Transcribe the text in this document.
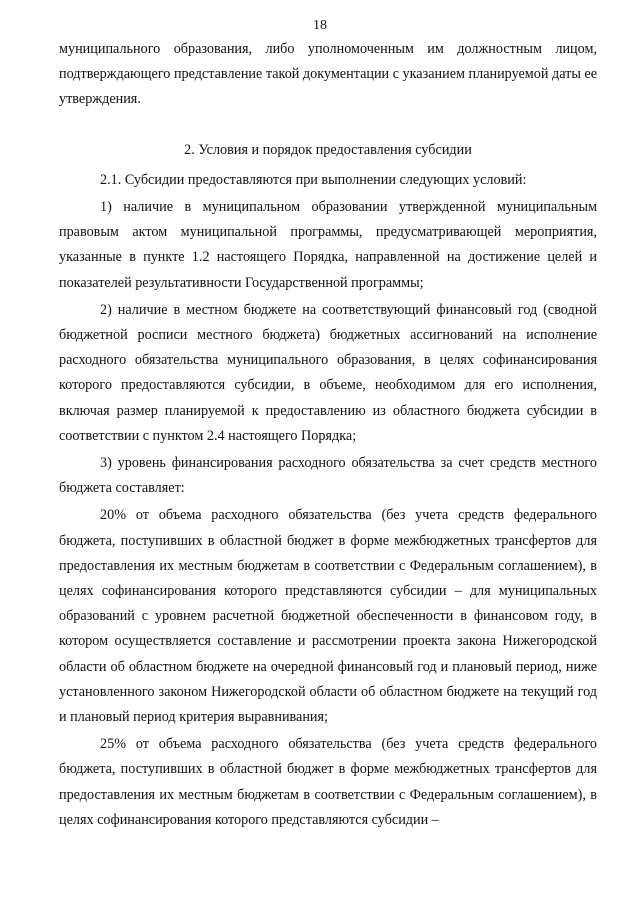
18

муниципального образования, либо уполномоченным им должностным лицом, подтверждающего представление такой документации с указанием планируемой даты ее утверждения.

2. Условия и порядок предоставления субсидии

2.1. Субсидии предоставляются при выполнении следующих условий:

1) наличие в муниципальном образовании утвержденной муниципальным правовым актом муниципальной программы, предусматривающей мероприятия, указанные в пункте 1.2 настоящего Порядка, направленной на достижение целей и показателей результативности Государственной программы;

2) наличие в местном бюджете на соответствующий финансовый год (сводной бюджетной росписи местного бюджета) бюджетных ассигнований на исполнение расходного обязательства муниципального образования, в целях софинансирования которого предоставляются субсидии, в объеме, необходимом для его исполнения, включая размер планируемой к предоставлению из областного бюджета субсидии в соответствии с пунктом 2.4 настоящего Порядка;

3) уровень финансирования расходного обязательства за счет средств местного бюджета составляет:

20% от объема расходного обязательства (без учета средств федерального бюджета, поступивших в областной бюджет в форме межбюджетных трансфертов для предоставления их местным бюджетам в соответствии с Федеральным соглашением), в целях софинансирования которого представляются субсидии – для муниципальных образований с уровнем расчетной бюджетной обеспеченности в финансовом году, в котором осуществляется составление и рассмотрении проекта закона Нижегородской области об областном бюджете на очередной финансовый год и плановый период, ниже установленного законом Нижегородской области об областном бюджете на текущий год и плановый период критерия выравнивания;

25% от объема расходного обязательства (без учета средств федерального бюджета, поступивших в областной бюджет в форме межбюджетных трансфертов для предоставления их местным бюджетам в соответствии с Федеральным соглашением), в целях софинансирования которого представляются субсидии –
